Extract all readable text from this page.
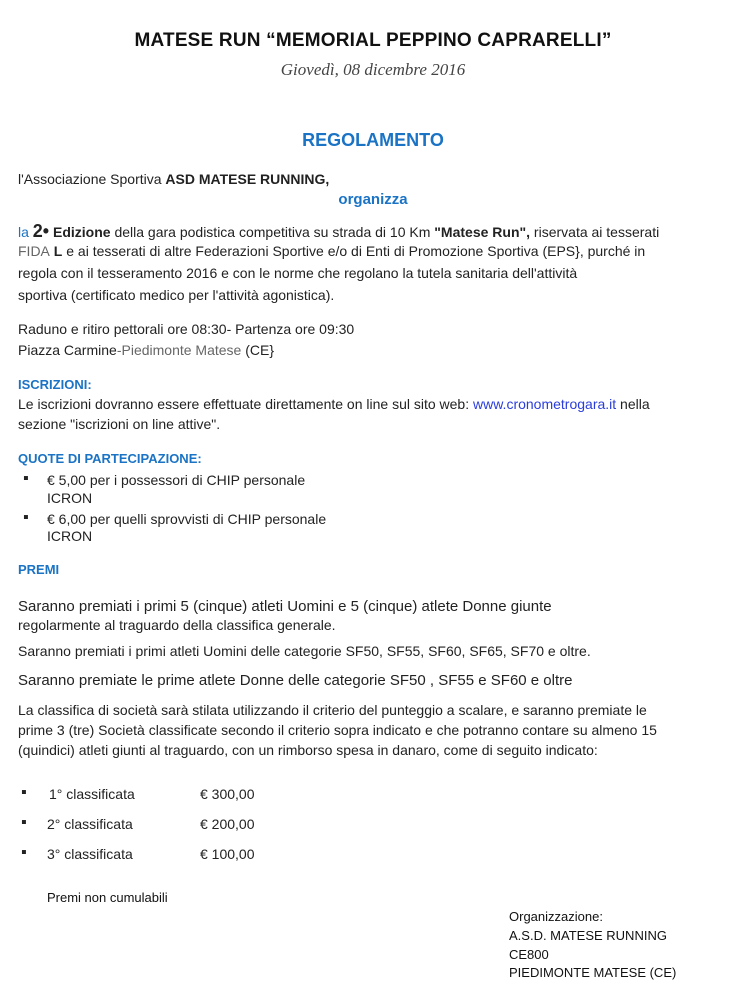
MATESE RUN “MEMORIAL PEPPINO CAPRARELLI”
Giovedì, 08 dicembre 2016
REGOLAMENTO
l'Associazione Sportiva ASD MATESE RUNNING,
organizza
la 2• Edizione della gara podistica competitiva su strada di 10 Km "Matese Run", riservata ai tesserati
FIDA L e ai tesserati di altre Federazioni Sportive e/o di Enti di Promozione Sportiva (EPS}, purché in
regola con il tesseramento 2016 e con le norme che regolano la tutela sanitaria dell'attività
sportiva (certificato medico per l'attività agonistica).
Raduno e ritiro pettorali ore 08:30- Partenza ore 09:30
Piazza Carmine-Piedimonte Matese (CE}
ISCRIZIONI:
Le iscrizioni dovranno essere effettuate direttamente on line sul sito web: www.cronometrogara.it nella
sezione "iscrizioni on line attive".
QUOTE DI PARTECIPAZIONE:
▪ € 5,00 per i possessori di CHIP personale
ICRON
▪ € 6,00 per quelli sprovvisti di CHIP personale
ICRON
PREMI
Saranno premiati i primi 5 (cinque) atleti Uomini e 5 (cinque) atlete Donne giunte
regolarmente al traguardo della classifica generale.
Saranno premiati i primi atleti Uomini delle categorie SF50, SF55, SF60, SF65, SF70 e oltre.
Saranno premiate le prime atlete Donne delle categorie SF50 , SF55 e SF60 e oltre
La classifica di società sarà stilata utilizzando il criterio del punteggio a scalare, e saranno premiate le
prime 3 (tre) Società classificate secondo il criterio sopra indicato e che potranno contare su almeno 15
(quindici) atleti giunti al traguardo, con un rimborso spesa in danaro, come di seguito indicato:
▪ 1° classificata	€ 300,00
▪ 2° classificata	€ 200,00
▪ 3° classificata	€ 100,00
Premi non cumulabili
Organizzazione:
A.S.D. MATESE RUNNING
CE800
PIEDIMONTE MATESE (CE)
